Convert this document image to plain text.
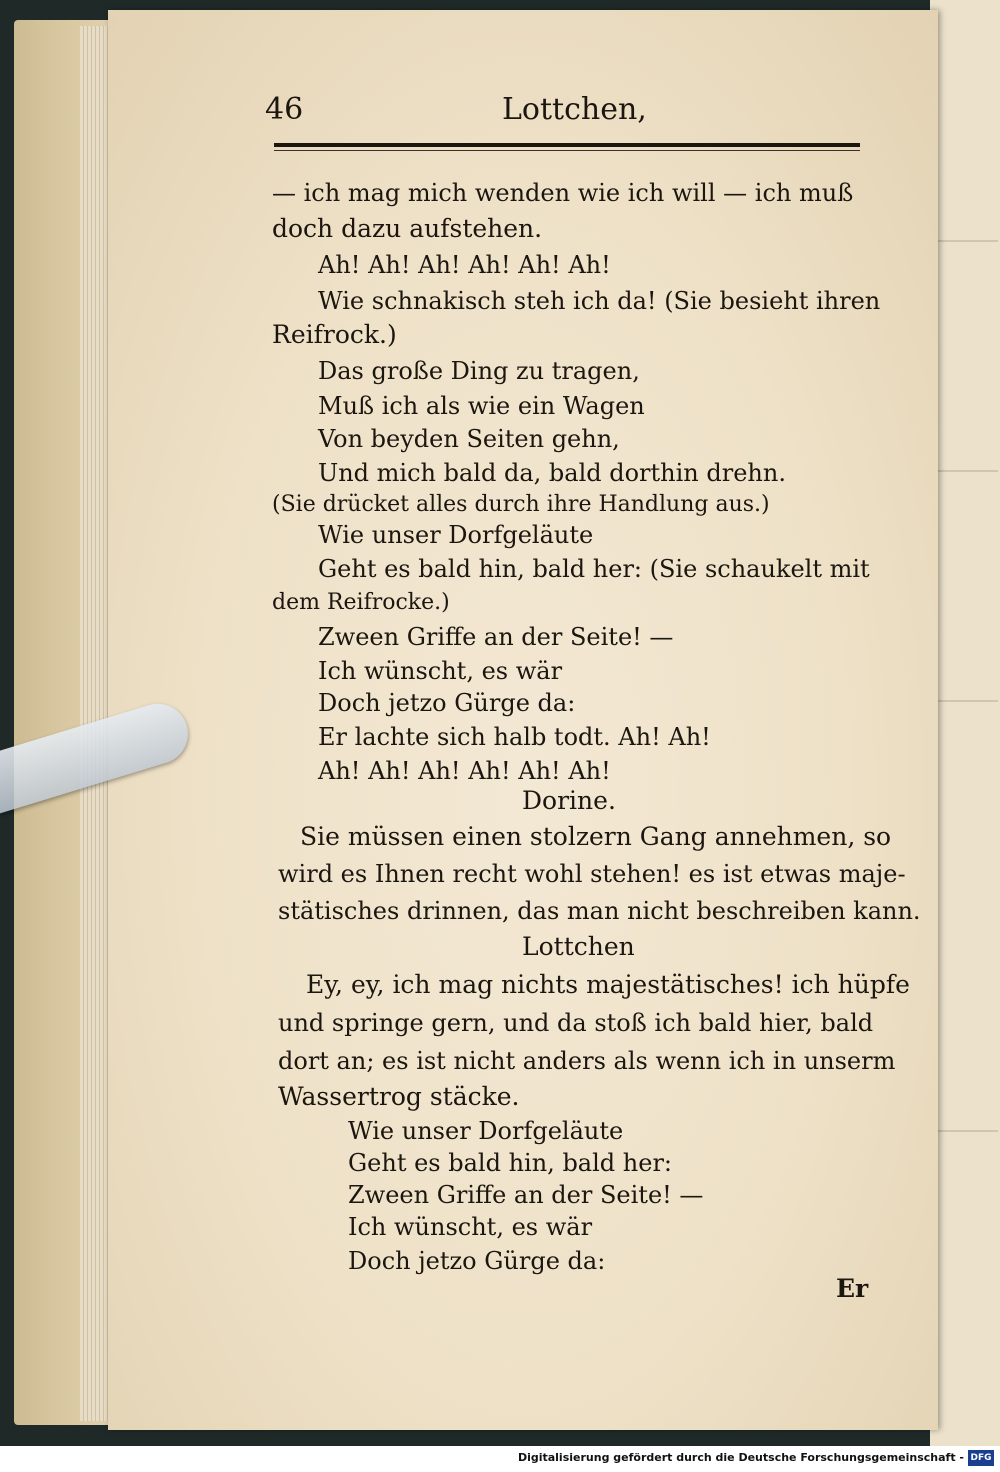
46	Lottchen,
— ich mag mich wenden wie ich will — ich muß
doch dazu aufstehen.
Ah! Ah! Ah! Ah! Ah! Ah!
Wie schnakisch steh ich da! (Sie besieht ihren
Reifrock.)
Das große Ding zu tragen,
Muß ich als wie ein Wagen
Von beyden Seiten gehn,
Und mich bald da, bald dorthin drehn.
(Sie drücket alles durch ihre Handlung aus.)
Wie unser Dorfgeläute
Geht es bald hin, bald her: (Sie schaukelt mit
dem Reifrocke.)
Zween Griffe an der Seite! —
Ich wünscht, es wär
Doch jetzo Gürge da:
Er lachte sich halb todt. Ah! Ah!
Ah! Ah! Ah! Ah! Ah! Ah!
Dorine.
Sie müssen einen stolzern Gang annehmen, so
wird es Ihnen recht wohl stehen! es ist etwas maje-
stätisches drinnen, das man nicht beschreiben kann.
Lottchen
Ey, ey, ich mag nichts majestätisches! ich hüpfe
und springe gern, und da stoß ich bald hier, bald
dort an; es ist nicht anders als wenn ich in unserm
Wassertrog stäcke.
Wie unser Dorfgeläute
Geht es bald hin, bald her:
Zween Griffe an der Seite! —
Ich wünscht, es wär
Doch jetzo Gürge da:
Er
Digitalisierung gefördert durch die Deutsche Forschungsgemeinschaft - DFG
